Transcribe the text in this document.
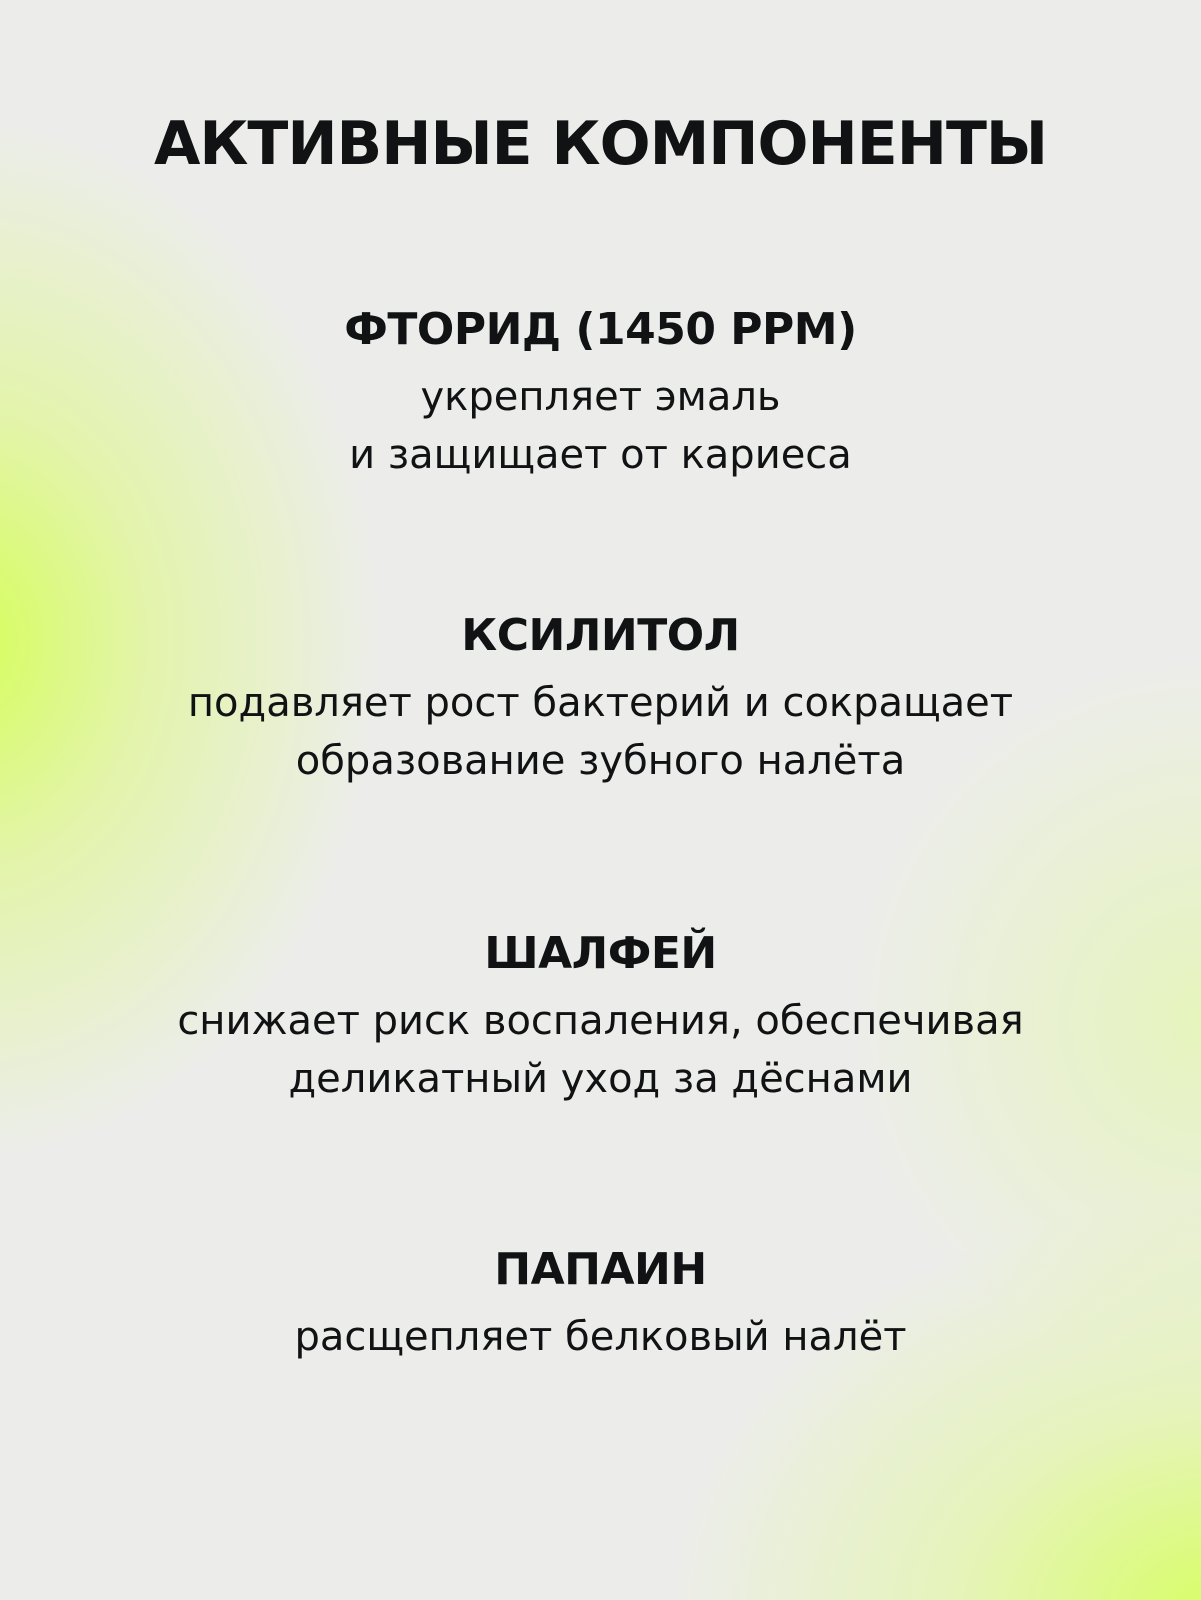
АКТИВНЫЕ КОМПОНЕНТЫ
ФТОРИД (1450 PPM)
укрепляет эмаль
и защищает от кариеса
КСИЛИТОЛ
подавляет рост бактерий и сокращает
образование зубного налёта
ШАЛФЕЙ
снижает риск воспаления, обеспечивая
деликатный уход за дёснами
ПАПАИН
расщепляет белковый налёт
